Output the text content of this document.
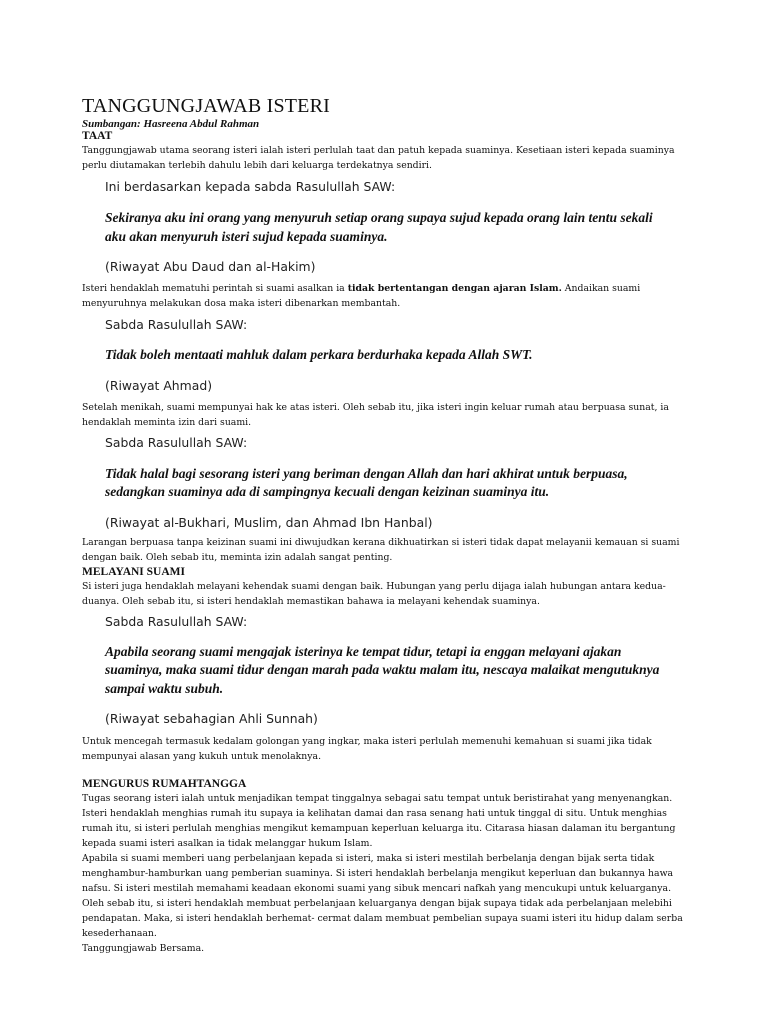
TANGGUNGJAWAB ISTERI

Sumbangan: Hasreena Abdul Rahman

TAAT

Tanggungjawab utama seorang isteri ialah isteri perlulah taat dan patuh kepada suaminya. Kesetiaan isteri kepada suaminya perlu diutamakan terlebih dahulu lebih dari keluarga terdekatnya sendiri.

Ini berdasarkan kepada sabda Rasulullah SAW:

Sekiranya aku ini orang yang menyuruh setiap orang supaya sujud kepada orang lain tentu sekali aku akan menyuruh isteri sujud kepada suaminya.

(Riwayat Abu Daud dan al-Hakim)

Isteri hendaklah mematuhi perintah si suami asalkan ia tidak bertentangan dengan ajaran Islam. Andaikan suami menyuruhnya melakukan dosa maka isteri dibenarkan membantah.

Sabda Rasulullah SAW:

Tidak boleh mentaati mahluk dalam perkara berdurhaka kepada Allah SWT.

(Riwayat Ahmad)

Setelah menikah, suami mempunyai hak ke atas isteri. Oleh sebab itu, jika isteri ingin keluar rumah atau berpuasa sunat, ia hendaklah meminta izin dari suami.

Sabda Rasulullah SAW:

Tidak halal bagi sesorang isteri yang beriman dengan Allah dan hari akhirat untuk berpuasa, sedangkan suaminya ada di sampingnya kecuali dengan keizinan suaminya itu.

(Riwayat al-Bukhari, Muslim, dan Ahmad Ibn Hanbal)

Larangan berpuasa tanpa keizinan suami ini diwujudkan kerana dikhuatirkan si isteri tidak dapat melayanii kemauan si suami dengan baik. Oleh sebab itu, meminta izin adalah sangat penting.

MELAYANI SUAMI

Si isteri juga hendaklah melayani kehendak suami dengan baik. Hubungan yang perlu dijaga ialah hubungan antara kedua-duanya. Oleh sebab itu, si isteri hendaklah memastikan bahawa ia melayani kehendak suaminya.

Sabda Rasulullah SAW:

Apabila seorang suami mengajak isterinya ke tempat tidur, tetapi ia enggan melayani ajakan suaminya, maka suami tidur dengan marah pada waktu malam itu, nescaya malaikat mengutuknya sampai waktu subuh.

(Riwayat sebahagian Ahli Sunnah)

Untuk mencegah termasuk kedalam golongan yang ingkar, maka isteri perlulah memenuhi kemahuan si suami jika tidak mempunyai alasan yang kukuh untuk menolaknya.

MENGURUS RUMAHTANGGA

Tugas seorang isteri ialah untuk menjadikan tempat tinggalnya sebagai satu tempat untuk beristirahat yang menyenangkan. Isteri hendaklah menghias rumah itu supaya ia kelihatan damai dan rasa senang hati untuk tinggal di situ. Untuk menghias rumah itu, si isteri perlulah menghias mengikut kemampuan keperluan keluarga itu. Citarasa hiasan dalaman itu bergantung kepada suami isteri asalkan ia tidak melanggar hukum Islam.

Apabila si suami memberi uang perbelanjaan kepada si isteri, maka si isteri mestilah berbelanja dengan bijak serta tidak menghambur-hamburkan uang pemberian suaminya. Si isteri hendaklah berbelanja mengikut keperluan dan bukannya hawa nafsu. Si isteri mestilah memahami keadaan ekonomi suami yang sibuk mencari nafkah yang mencukupi untuk keluarganya. Oleh sebab itu, si isteri hendaklah membuat perbelanjaan keluarganya dengan bijak supaya tidak ada perbelanjaan melebihi pendapatan. Maka, si isteri hendaklah berhemat- cermat dalam membuat pembelian supaya suami isteri itu hidup dalam serba kesederhanaan.

Tanggungjawab Bersama.
